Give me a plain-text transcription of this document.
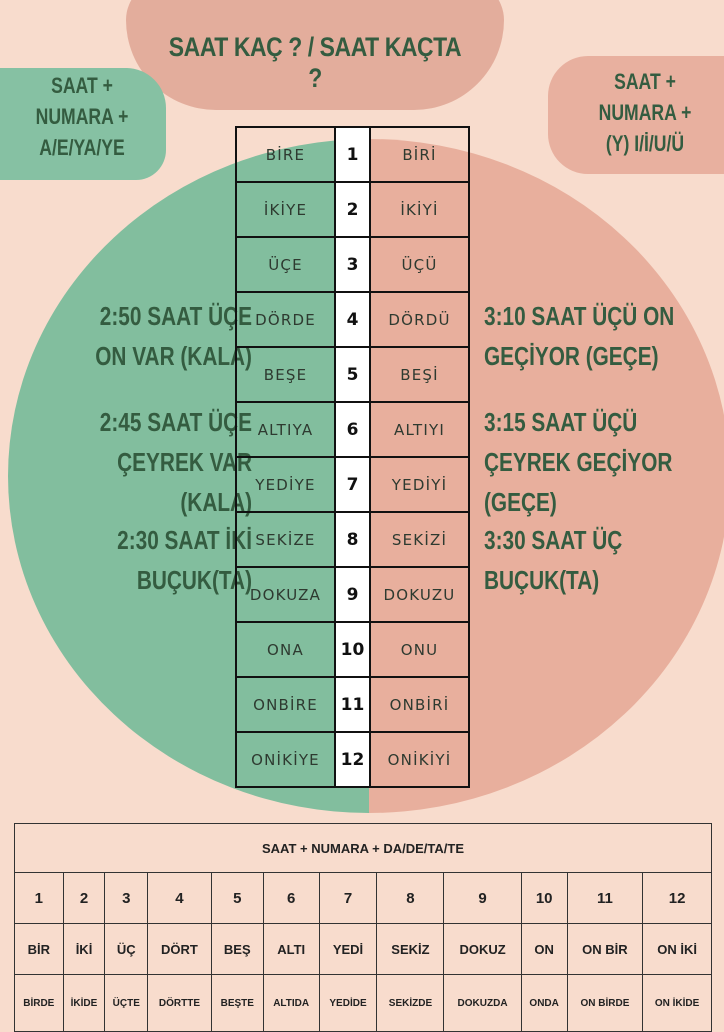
SAAT KAÇ ? / SAAT KAÇTA ?
SAAT +
NUMARA +
A/E/YA/YE
SAAT +
NUMARA +
(Y) I/İ/U/Ü
2:50 SAAT ÜÇE
ON VAR (KALA)
2:45 SAAT ÜÇE
ÇEYREK VAR (KALA)
2:30 SAAT İKİ
BUÇUK(TA)
3:10 SAAT ÜÇÜ ON
GEÇİYOR (GEÇE)
3:15 SAAT ÜÇÜ
ÇEYREK GEÇİYOR (GEÇE)
3:30 SAAT ÜÇ
BUÇUK(TA)
BİRE	1	BİRİ
İKİYE	2	İKİYİ
ÜÇE	3	ÜÇÜ
DÖRDE	4	DÖRDÜ
BEŞE	5	BEŞİ
ALTIYA	6	ALTIYI
YEDİYE	7	YEDİYİ
SEKİZE	8	SEKİZİ
DOKUZA	9	DOKUZU
ONA	10	ONU
ONBİRE	11	ONBİRİ
ONİKİYE	12	ONİKİYİ
SAAT + NUMARA + DA/DE/TA/TE											
1	2	3	4	5	6	7	8	9	10	11	12
BİR	İKİ	ÜÇ	DÖRT	BEŞ	ALTI	YEDİ	SEKİZ	DOKUZ	ON	ON BİR	ON İKİ
BİRDE	İKİDE	ÜÇTE	DÖRTTE	BEŞTE	ALTIDA	YEDİDE	SEKİZDE	DOKUZDA	ONDA	ON BİRDE	ON İKİDE
